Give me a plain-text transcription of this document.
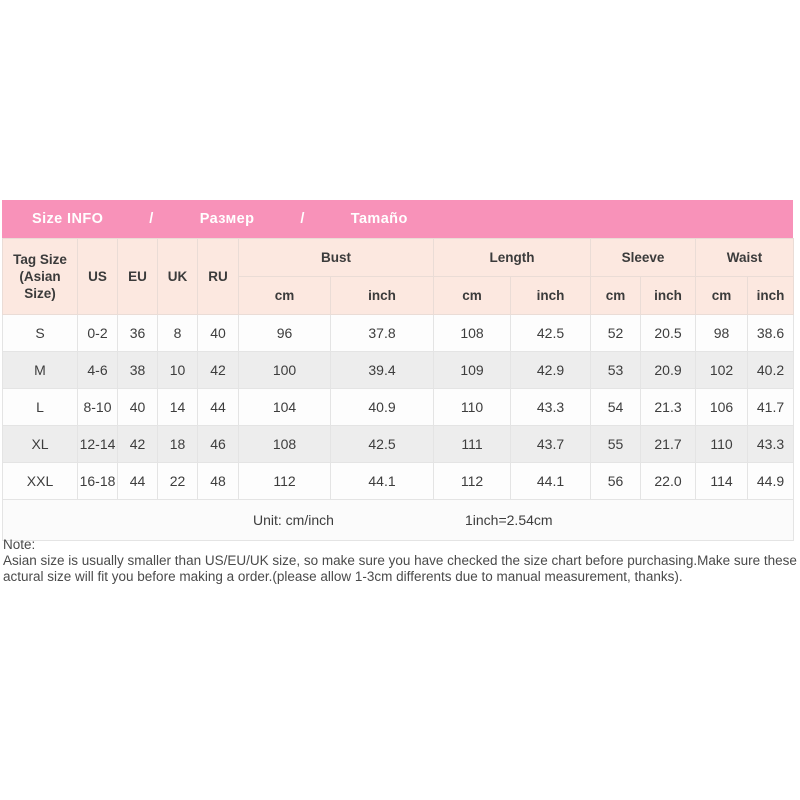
Size INFO	/	Размер	/	Tamaño
Tag Size
(Asian Size)	US	EU	UK	RU	Bust		Length		Sleeve		Waist	
					cm	inch	cm	inch	cm	inch	cm	inch
S	0-2	36	8	40	96	37.8	108	42.5	52	20.5	98	38.6
M	4-6	38	10	42	100	39.4	109	42.9	53	20.9	102	40.2
L	8-10	40	14	44	104	40.9	110	43.3	54	21.3	106	41.7
XL	12-14	42	18	46	108	42.5	111	43.7	55	21.7	110	43.3
XXL	16-18	44	22	48	112	44.1	112	44.1	56	22.0	114	44.9

Unit: cm/inch 1inch=2.54cm												
Note:
Asian size is usually smaller than US/EU/UK size, so make sure you have checked the size chart before purchasing.Make sure these actural size will fit you before making a order.(please allow 1-3cm differents due to manual measurement, thanks).
